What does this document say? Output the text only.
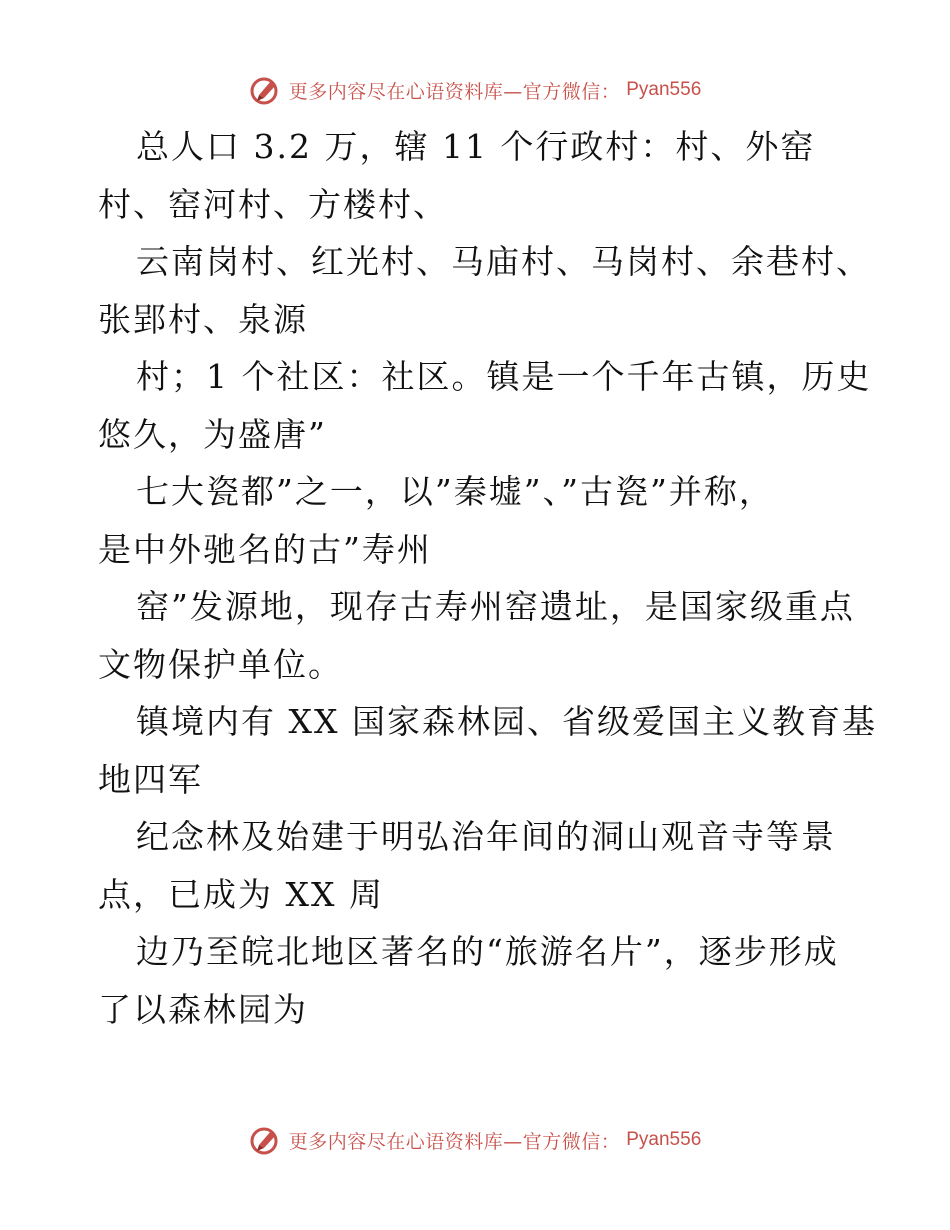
更多内容尽在心语资料库—官方微信： Pyan556
总人口 3.2 万，辖 11 个行政村：村、外窑
村、窑河村、方楼村、
云南岗村、红光村、马庙村、马岗村、余巷村、
张郢村、泉源
村；1 个社区：社区。镇是一个千年古镇，历史
悠久，为盛唐”
七大瓷都”之一，以”秦墟”、”古瓷”并称，
是中外驰名的古”寿州
窑”发源地，现存古寿州窑遗址，是国家级重点
文物保护单位。
镇境内有 XX 国家森林园、省级爱国主义教育基
地四军
纪念林及始建于明弘治年间的洞山观音寺等景
点，已成为 XX 周
边乃至皖北地区著名的“旅游名片”，逐步形成
了以森林园为
更多内容尽在心语资料库—官方微信： Pyan556
